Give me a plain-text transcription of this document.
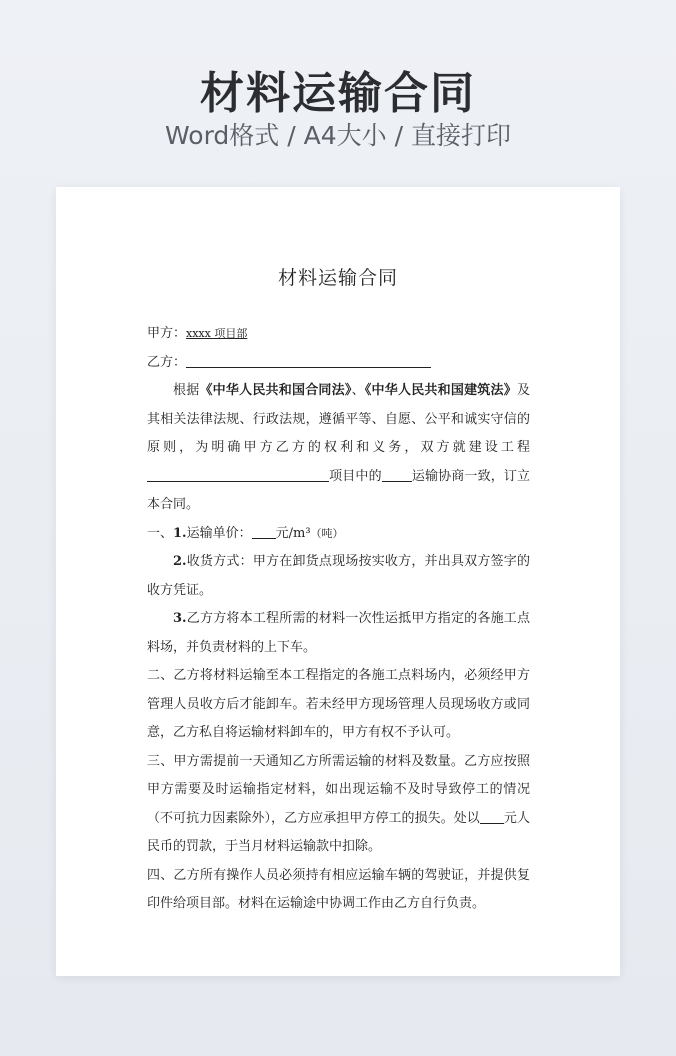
材料运输合同
Word格式 / A4大小 / 直接打印
材料运输合同

甲方：xxxx 项目部

乙方：

根据《中华人民共和国合同法》、《中华人民共和国建筑法》及其相关法律法规、行政法规，遵循平等、自愿、公平和诚实守信的原则，为明确甲方乙方的权利和义务，双方就建设工程项目中的 运输协商一致，订立本合同。

一、1.运输单价： 元/m³（吨）

2.收货方式：甲方在卸货点现场按实收方，并出具双方签字的收方凭证。

3.乙方方将本工程所需的材料一次性运抵甲方指定的各施工点料场，并负责材料的上下车。

二、乙方将材料运输至本工程指定的各施工点料场内，必须经甲方管理人员收方后才能卸车。若未经甲方现场管理人员现场收方或同意，乙方私自将运输材料卸车的，甲方有权不予认可。

三、甲方需提前一天通知乙方所需运输的材料及数量。乙方应按照甲方需要及时运输指定材料，如出现运输不及时导致停工的情况（不可抗力因素除外），乙方应承担甲方停工的损失。处以 元人民币的罚款，于当月材料运输款中扣除。

四、乙方所有操作人员必须持有相应运输车辆的驾驶证，并提供复印件给项目部。材料在运输途中协调工作由乙方自行负责。
